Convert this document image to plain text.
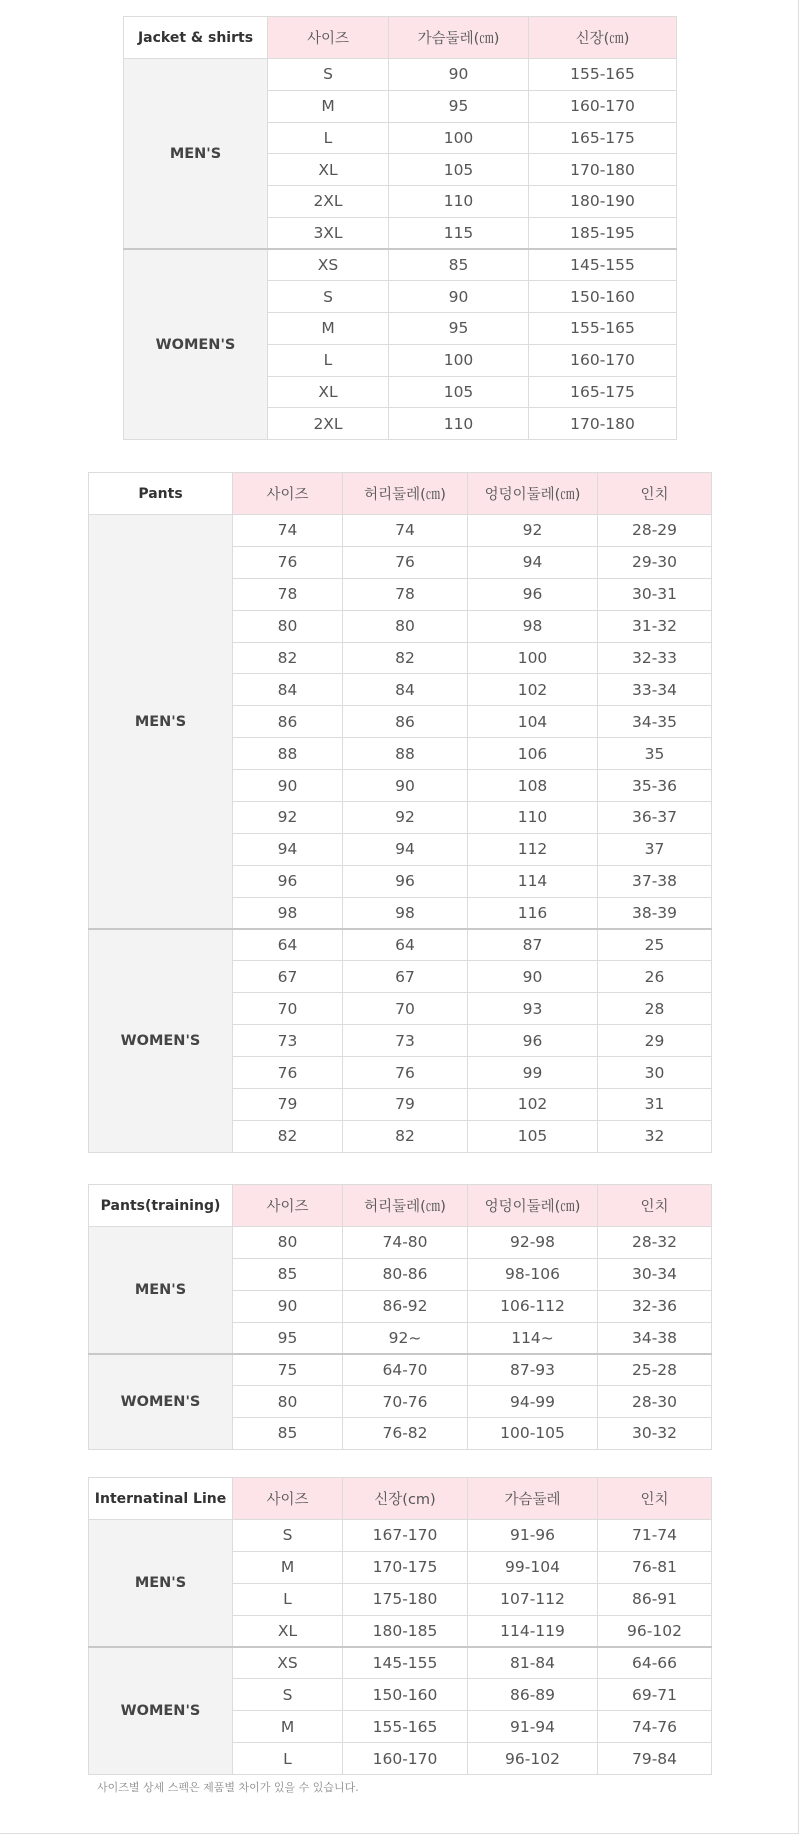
Jacket & shirts	사이즈	가슴둘레(㎝)	신장(㎝)
MEN'S	S	90	155-165
	M	95	160-170
	L	100	165-175
	XL	105	170-180
	2XL	110	180-190
	3XL	115	185-195
WOMEN'S	XS	85	145-155
	S	90	150-160
	M	95	155-165
	L	100	160-170
	XL	105	165-175
	2XL	110	170-180
Pants	사이즈	허리둘레(㎝)	엉덩이둘레(㎝)	인치
MEN'S	74	74	92	28-29
	76	76	94	29-30
	78	78	96	30-31
	80	80	98	31-32
	82	82	100	32-33
	84	84	102	33-34
	86	86	104	34-35
	88	88	106	35
	90	90	108	35-36
	92	92	110	36-37
	94	94	112	37
	96	96	114	37-38
	98	98	116	38-39
WOMEN'S	64	64	87	25
	67	67	90	26
	70	70	93	28
	73	73	96	29
	76	76	99	30
	79	79	102	31
	82	82	105	32
Pants(training)	사이즈	허리둘레(㎝)	엉덩이둘레(㎝)	인치
MEN'S	80	74-80	92-98	28-32
	85	80-86	98-106	30-34
	90	86-92	106-112	32-36
	95	92~	114~	34-38
WOMEN'S	75	64-70	87-93	25-28
	80	70-76	94-99	28-30
	85	76-82	100-105	30-32
Internatinal Line	사이즈	신장(cm)	가슴둘레	인치
MEN'S	S	167-170	91-96	71-74
	M	170-175	99-104	76-81
	L	175-180	107-112	86-91
	XL	180-185	114-119	96-102
WOMEN'S	XS	145-155	81-84	64-66
	S	150-160	86-89	69-71
	M	155-165	91-94	74-76
	L	160-170	96-102	79-84
사이즈별 상세 스펙은 제품별 차이가 있을 수 있습니다.
